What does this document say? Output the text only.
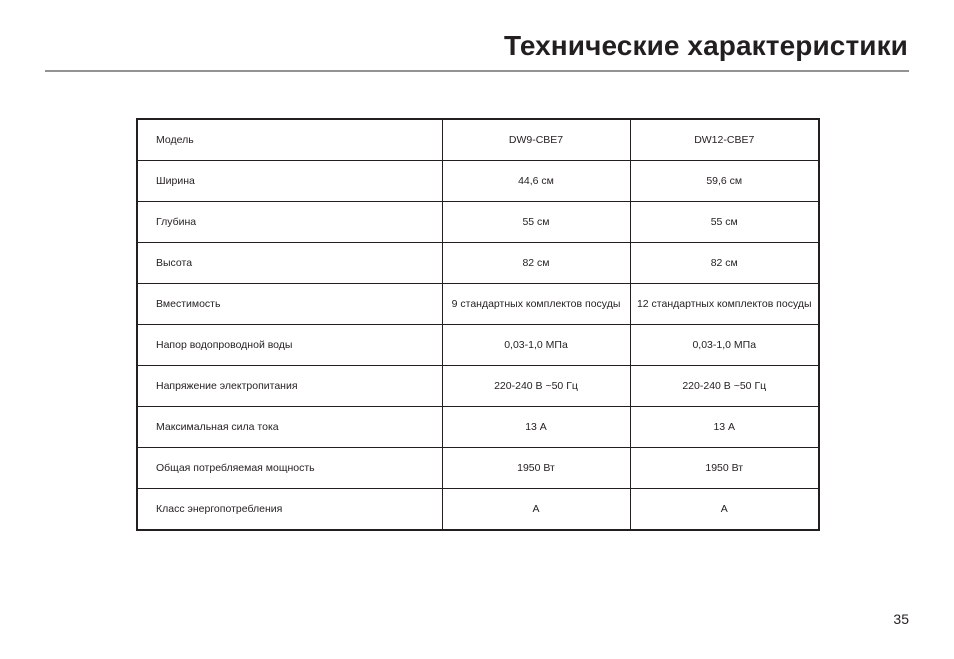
Технические характеристики
Модель	DW9-CBE7	DW12-CBE7
Ширина	44,6 см	59,6 см
Глубина	55 см	55 см
Высота	82 см	82 см
Вместимость	9 стандартных комплектов посуды	12 стандартных комплектов посуды
Напор водопроводной воды	0,03-1,0 МПа	0,03-1,0 МПа
Напряжение электропитания	220-240 В ~50 Гц	220-240 В ~50 Гц
Максимальная сила тока	13 А	13 А
Общая потребляемая мощность	1950 Вт	1950 Вт
Класс энергопотребления	A	A
35
